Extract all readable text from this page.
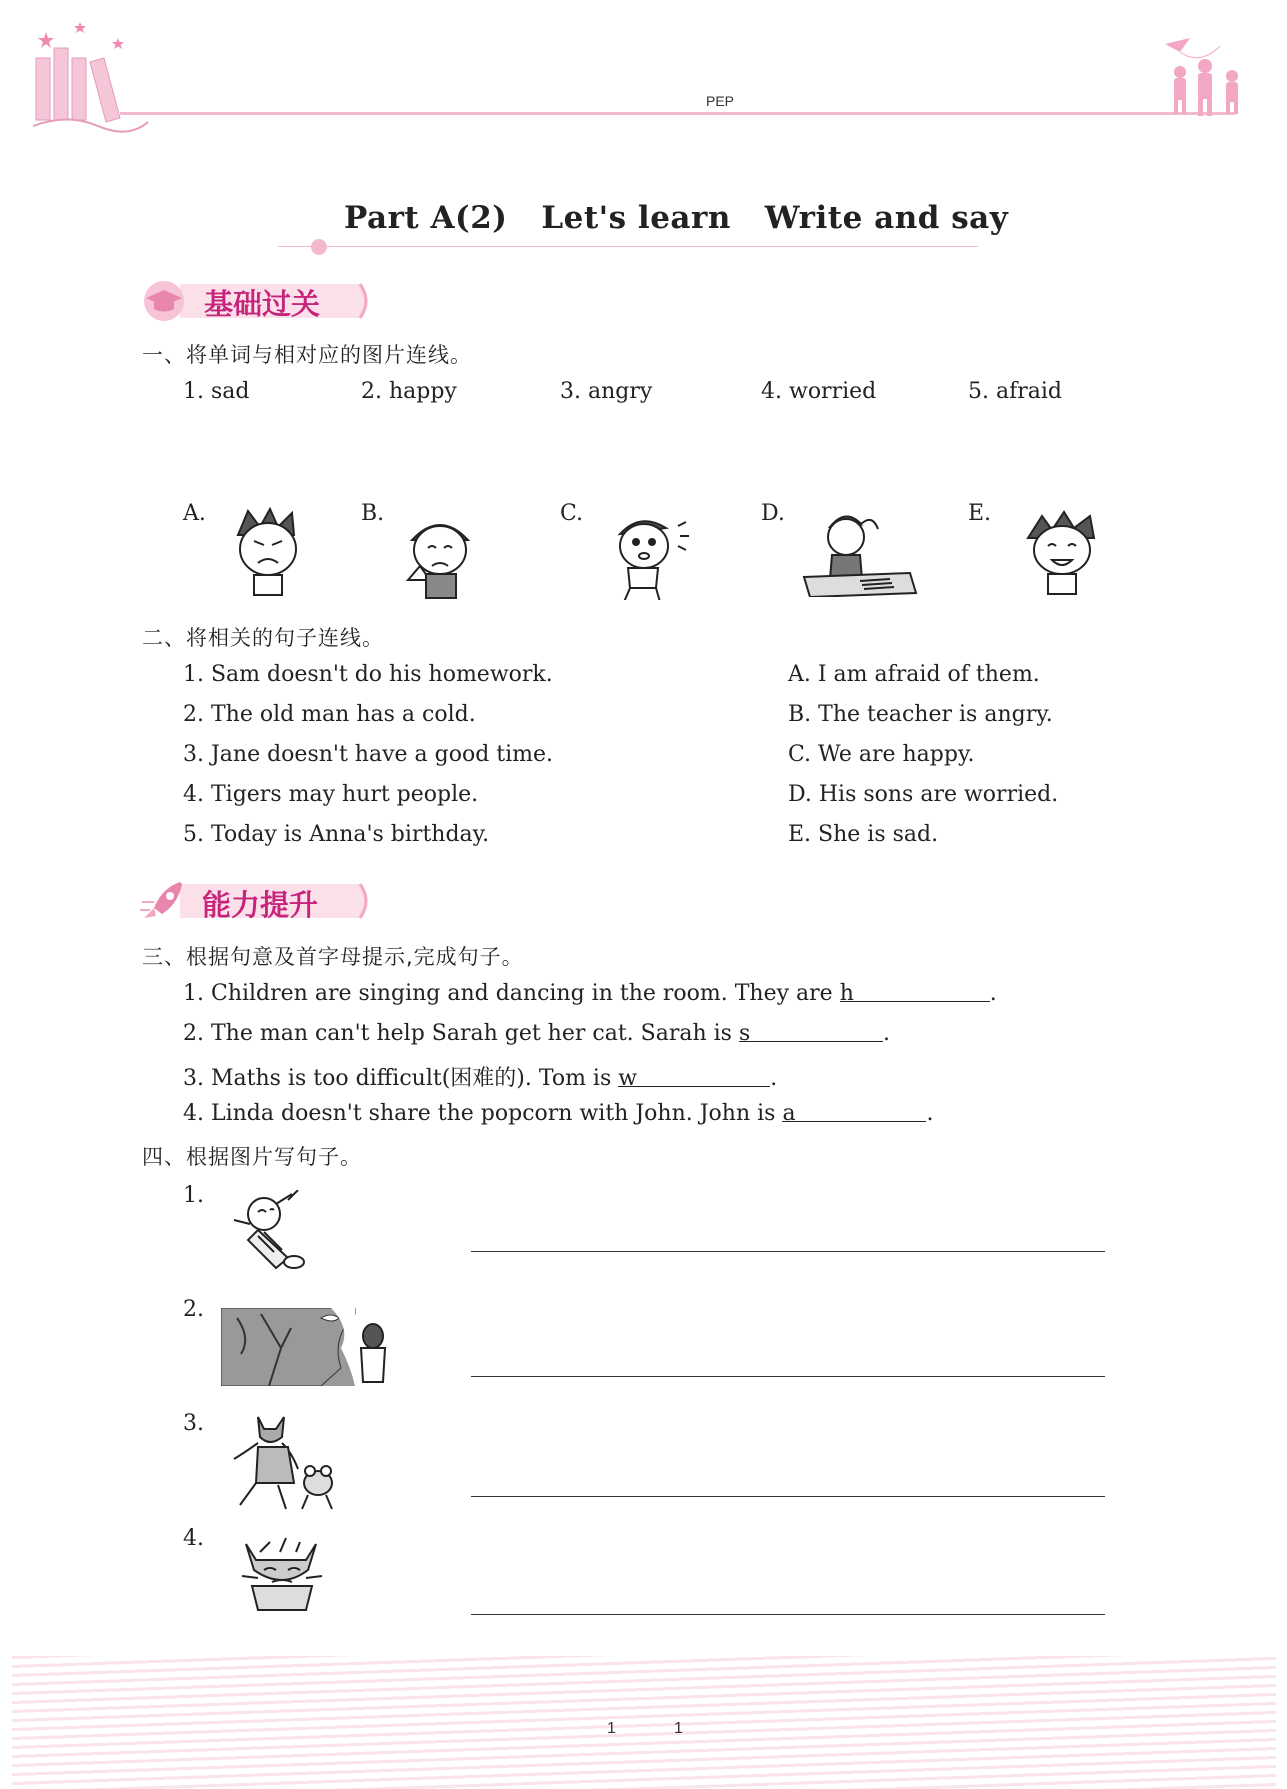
PEP
Part A(2)   Let's learn   Write and say
基础过关
一、将单词与相对应的图片连线。
1. sad	2. happy	3. angry	4. worried	5. afraid
A.	B.	C.	D.	E.
二、将相关的句子连线。
1. Sam doesn't do his homework.
2. The old man has a cold.
3. Jane doesn't have a good time.
4. Tigers may hurt people.
5. Today is Anna's birthday.
A. I am afraid of them.
B. The teacher is angry.
C. We are happy.
D. His sons are worried.
E. She is sad.
能力提升
三、根据句意及首字母提示,完成句子。
1. Children are singing and dancing in the room. They are h	.
2. The man can't help Sarah get her cat. Sarah is s	.
3. Maths is too difficult(困难的). Tom is w	.
4. Linda doesn't share the popcorn with John. John is a	.
四、根据图片写句子。
1.
2.
3.
4.
1	1
